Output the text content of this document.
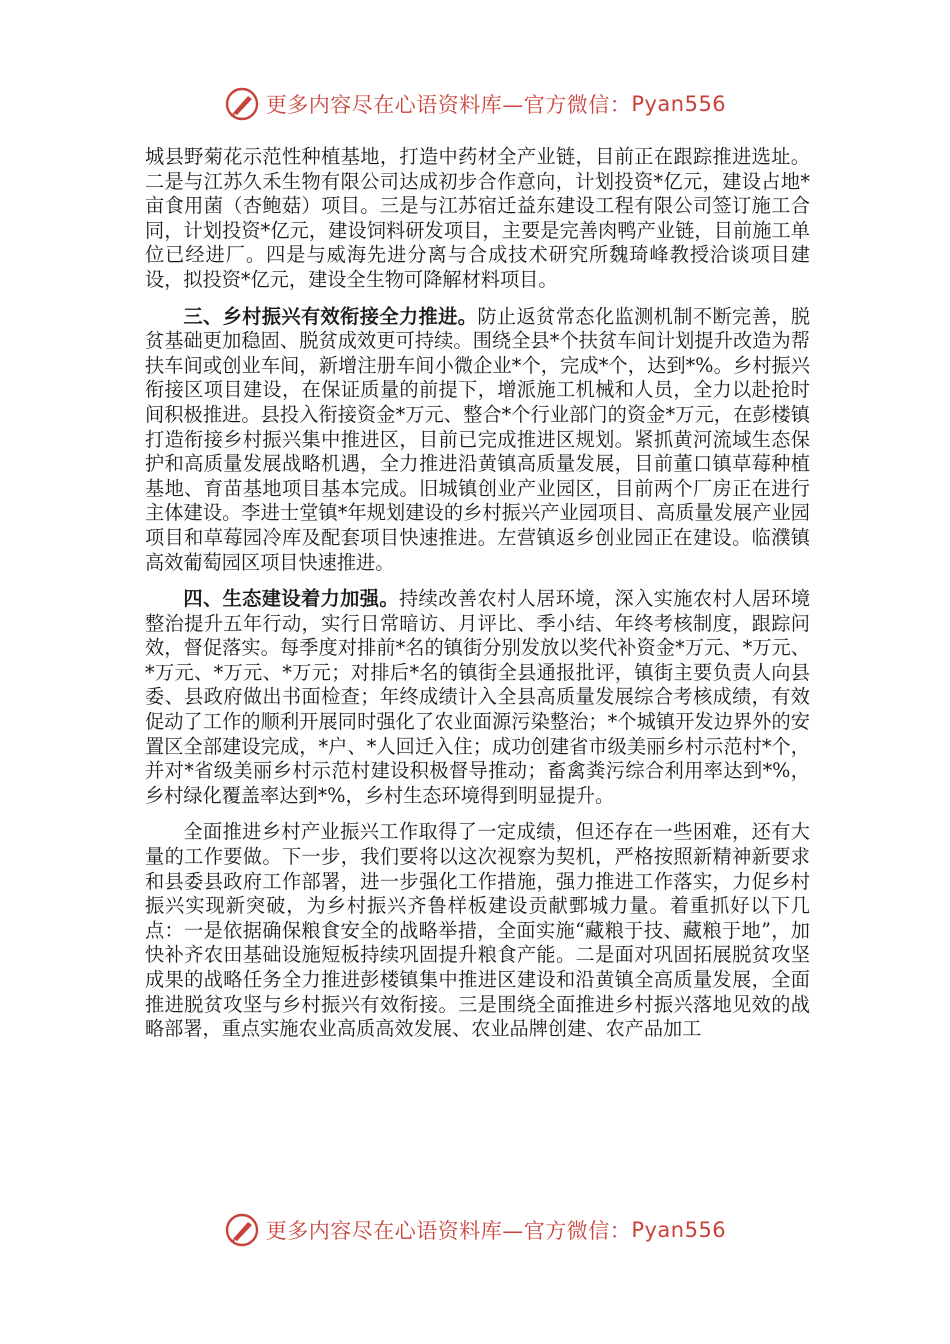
更多内容尽在心语资料库—官方微信： Pyan556

城县野菊花示范性种植基地，打造中药材全产业链，目前正在跟踪推进选址。二是与江苏久禾生物有限公司达成初步合作意向，计划投资*亿元，建设占地*亩食用菌（杏鲍菇）项目。三是与江苏宿迁益东建设工程有限公司签订施工合同，计划投资*亿元，建设饲料研发项目，主要是完善肉鸭产业链，目前施工单位已经进厂。四是与威海先进分离与合成技术研究所魏琦峰教授洽谈项目建设，拟投资*亿元，建设全生物可降解材料项目。

三、乡村振兴有效衔接全力推进。防止返贫常态化监测机制不断完善，脱贫基础更加稳固、脱贫成效更可持续。围绕全县*个扶贫车间计划提升改造为帮扶车间或创业车间，新增注册车间小微企业*个，完成*个，达到*%。乡村振兴衔接区项目建设，在保证质量的前提下，增派施工机械和人员，全力以赴抢时间积极推进。县投入衔接资金*万元、整合*个行业部门的资金*万元，在彭楼镇打造衔接乡村振兴集中推进区，目前已完成推进区规划。紧抓黄河流域生态保护和高质量发展战略机遇，全力推进沿黄镇高质量发展，目前董口镇草莓种植基地、育苗基地项目基本完成。旧城镇创业产业园区，目前两个厂房正在进行主体建设。李进士堂镇*年规划建设的乡村振兴产业园项目、高质量发展产业园项目和草莓园冷库及配套项目快速推进。左营镇返乡创业园正在建设。临濮镇高效葡萄园区项目快速推进。

四、生态建设着力加强。持续改善农村人居环境，深入实施农村人居环境整治提升五年行动，实行日常暗访、月评比、季小结、年终考核制度，跟踪问效，督促落实。每季度对排前*名的镇街分别发放以奖代补资金*万元、*万元、*万元、*万元、*万元；对排后*名的镇街全县通报批评，镇街主要负责人向县委、县政府做出书面检查；年终成绩计入全县高质量发展综合考核成绩，有效促动了工作的顺利开展同时强化了农业面源污染整治；*个城镇开发边界外的安置区全部建设完成，*户、*人回迁入住；成功创建省市级美丽乡村示范村*个，并对*省级美丽乡村示范村建设积极督导推动；畜禽粪污综合利用率达到*%，乡村绿化覆盖率达到*%，乡村生态环境得到明显提升。

全面推进乡村产业振兴工作取得了一定成绩，但还存在一些困难，还有大量的工作要做。下一步，我们要将以这次视察为契机，严格按照新精神新要求和县委县政府工作部署，进一步强化工作措施，强力推进工作落实，力促乡村振兴实现新突破，为乡村振兴齐鲁样板建设贡献鄄城力量。着重抓好以下几点：一是依据确保粮食安全的战略举措，全面实施“藏粮于技、藏粮于地”，加快补齐农田基础设施短板持续巩固提升粮食产能。二是面对巩固拓展脱贫攻坚成果的战略任务全力推进彭楼镇集中推进区建设和沿黄镇全高质量发展，全面推进脱贫攻坚与乡村振兴有效衔接。三是围绕全面推进乡村振兴落地见效的战略部署，重点实施农业高质高效发展、农业品牌创建、农产品加工

更多内容尽在心语资料库—官方微信： Pyan556
